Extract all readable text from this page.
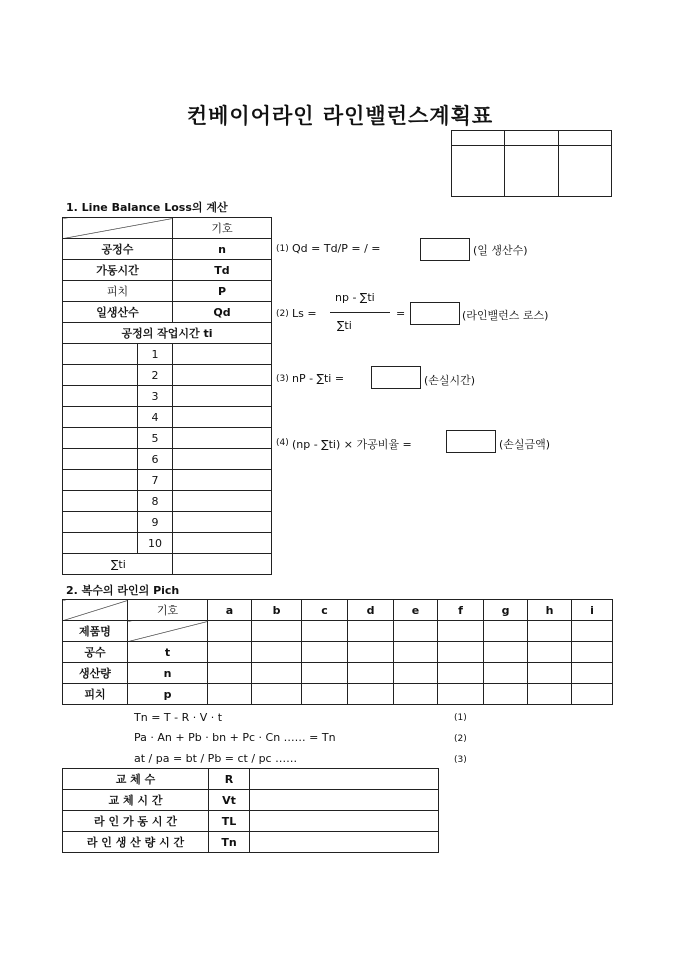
컨베이어라인 라인밸런스계획표

1. Line Balance Loss의 계산
		기호
공정수		n
가동시간		Td
피치		P
일생산수		Qd
공정의 작업시간 ti		
	1	
	2	
	3	
	4	
	5	
	6	
	7	
	8	
	9	
	10	
∑ti		
(1) Qd = Td/P = / =	(일 생산수)
(2) Ls =
np - ∑ti
∑ti
=	(라인밸런스 로스)
(3) nP - ∑ti =	(손실시간)
(4) (np - ∑ti) × 가공비율 =	(손실금액)
2. 복수의 라인의 Pich
	기호	a	b	c	d	e	f	g	h	i
제품명										
공수	t									
생산량	n									
피치	p									
Tn = T - R · V · t	(1)
Pa · An + Pb · bn + Pc · Cn …… = Tn	(2)
at / pa = bt / Pb = ct / pc ……	(3)
교 체 수	R	
교 체 시 간	Vt	
라 인 가 동 시 간	TL	
라 인 생 산 량 시 간	Tn	
